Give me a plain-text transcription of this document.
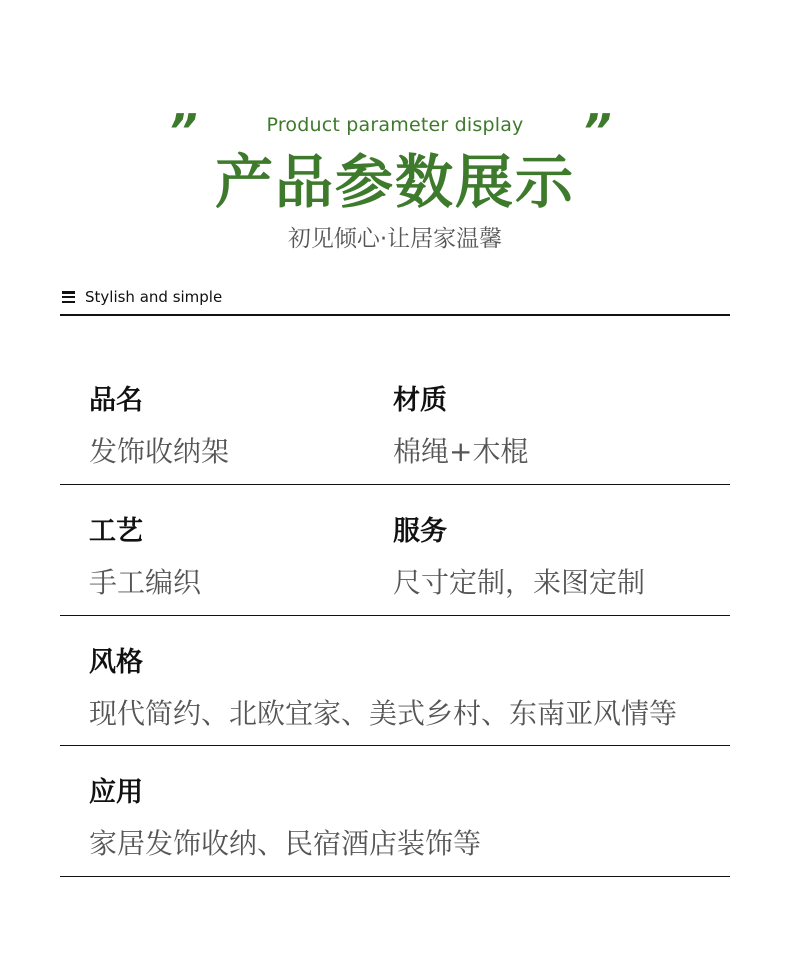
”	Product parameter display	”
产品参数展示
初见倾心·让居家温馨
Stylish and simple
品名
发饰收纳架
材质
棉绳+木棍
工艺
手工编织
服务
尺寸定制，来图定制
风格
现代简约、北欧宜家、美式乡村、东南亚风情等
应用
家居发饰收纳、民宿酒店装饰等
